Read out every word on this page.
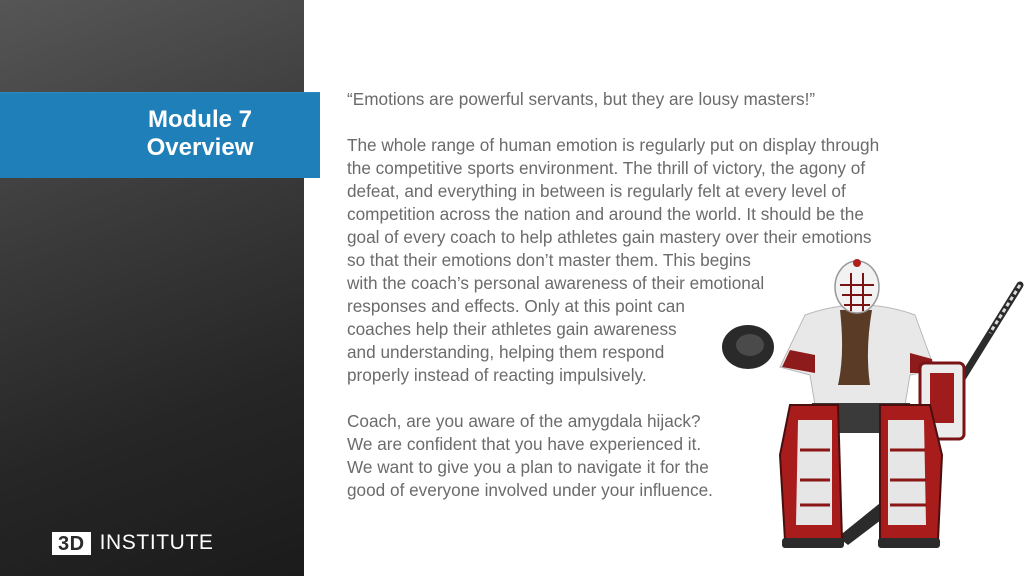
3D INSTITUTE
Module 7
Overview
“Emotions are powerful servants, but they are lousy masters!”
The whole range of human emotion is regularly put on display through
the competitive sports environment. The thrill of victory, the agony of
defeat, and everything in between is regularly felt at every level of
competition across the nation and around the world. It should be the
goal of every coach to help athletes gain mastery over their emotions
so that their emotions don’t master them. This begins
with the coach’s personal awareness of their emotional
responses and effects. Only at this point can
coaches help their athletes gain awareness
and understanding, helping them respond
properly instead of reacting impulsively.
Coach, are you aware of the amygdala hijack?
We are confident that you have experienced it.
We want to give you a plan to navigate it for the
good of everyone involved under your influence.
